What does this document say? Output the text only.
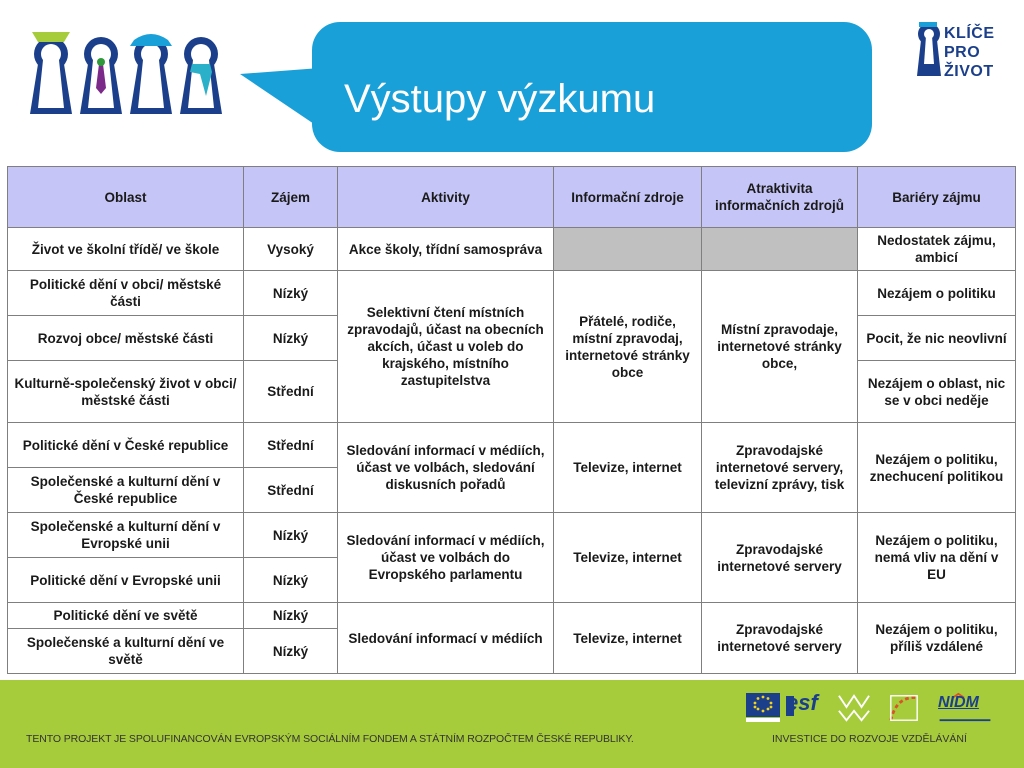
Výstupy výzkumu
KLÍČE
PRO
ŽIVOT
Oblast	Zájem	Aktivity	Informační zdroje	Atraktivita informačních zdrojů	Bariéry zájmu
Život ve školní třídě/ ve škole	Vysoký	Akce školy, třídní samospráva			Nedostatek zájmu, ambicí
Politické dění v obci/ městské části	Nízký	Selektivní čtení místních zpravodajů, účast na obecních akcích, účast u voleb do krajského, místního zastupitelstva	Přátelé, rodiče, místní zpravodaj, internetové stránky obce	Místní zpravodaje, internetové stránky obce,	Nezájem o politiku
Rozvoj obce/ městské části	Nízký				Pocit, že nic neovlivní
Kulturně-společenský život v obci/ městské části	Střední				Nezájem o oblast, nic se v obci neděje
Politické dění v České republice	Střední	Sledování informací v médiích, účast ve volbách, sledování diskusních pořadů	Televize, internet	Zpravodajské internetové servery, televizní zprávy, tisk	Nezájem o politiku, znechucení politikou
Společenské a kulturní dění v České republice	Střední				
Společenské a kulturní dění v Evropské unii	Nízký	Sledování informací v médiích, účast ve volbách do Evropského parlamentu	Televize, internet	Zpravodajské internetové servery	Nezájem o politiku, nemá vliv na dění v EU
Politické dění v Evropské unii	Nízký				
Politické dění ve světě	Nízký	Sledování informací v médiích	Televize, internet	Zpravodajské internetové servery	Nezájem o politiku, příliš vzdálené
Společenské a kulturní dění ve světě	Nízký				
esf	NIDM
TENTO PROJEKT JE SPOLUFINANCOVÁN EVROPSKÝM SOCIÁLNÍM FONDEM A STÁTNÍM ROZPOČTEM ČESKÉ REPUBLIKY.	INVESTICE DO ROZVOJE VZDĚLÁVÁNÍ
